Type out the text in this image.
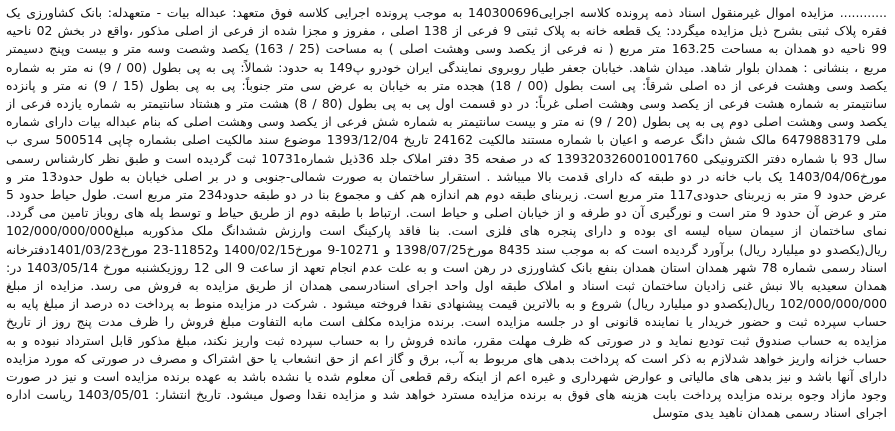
............ مزایده اموال غیرمنقول اسناد ذمه پرونده کلاسه اجرایی140300696 به موجب پرونده اجرایی کلاسه فوق متعهد: عبداله بیات - متعهدله: بانک کشاورزی یک فقره پلاک ثبتی بشرح ذیل مزایده میگردد: یک قطعه خانه به پلاک ثبتی 9 فرعی از 138 اصلی ، مفروز و مجزا شده از فرعی از اصلی مذکور ،واقع در بخش 02 ناحیه 99 ناحیه دو همدان به مساحت 163.25 متر مربع ( نه فرعی از یکصد وسی وهشت اصلی ) به مساحت (25 / 163) یکصد وشصت وسه متر و بیست وپنج دسیمتر مربع ، بنشانی : همدان بلوار شاهد. میدان شاهد. خیابان جعفر طیار روبروی نمایندگی ایران خودرو پ149 به حدود: شمالاً: پی به پی بطول (00 / 9) نه متر به شماره یکصد وسی وهشت فرعی از ده اصلی شرقاً: پی است بطول (00 / 18) هجده متر به خیابان به عرض سی متر جنوباً: پی به پی بطول (15 / 9) نه متر و پانزده سانتیمتر به شماره هشت فرعی از یکصد وسی وهشت اصلی غرباً: در دو قسمت اول پی به پی بطول (80 / 8) هشت متر و هشتاد سانتیمتر به شماره یازده فرعی از یکصد وسی وهشت اصلی دوم پی به پی بطول (20 / 9) نه متر و بیست سانتیمتر به شماره شش فرعی از یکصد وسی وهشت اصلی که بنام عبداله بیات دارای شماره ملی 6479883179 مالک شش دانگ عرصه و اعیان با شماره مستند مالکیت 24162 تاریخ 1393/12/04 موضوع سند مالکیت اصلی بشماره چاپی 500514 سری ب سال 93 با شماره دفتر الکترونیکی 139320326001001760 که در صفحه 35 دفتر املاک جلد 36ذیل شماره10731 ثبت گردیده است و طبق نظر کارشناس رسمی مورخ1403/04/06 یک باب خانه در دو طبقه که دارای قدمت بالا میباشد . استقرار ساختمان به صورت شمالی-جنوبی و در بر اصلی خیابان به طول حدود13 متر و عرض حدود 9 متر به زیربنای حدودی117 متر مربع است. زیربنای طبقه دوم هم اندازه هم کف و مجموع بنا در دو طبقه حدود234 متر مربع است. طول حیاط حدود 5 متر و عرض آن حدود 9 متر است و نورگیری آن دو طرفه و از خیابان اصلی و حیاط است. ارتباط با طبقه دوم از طریق حیاط و توسط پله های روباز تامین می گردد. نمای ساختمان از سیمان سیاه لیسه ای بوده و دارای پنجره های فلزی است. بنا فاقد پارکینگ است وارزش ششدانگ ملک مذکوربه مبلغ102/000/000/000 ریال(یکصدو دو میلیارد ریال) برآورد گردیده است که به موجب سند 8435 مورخ1398/07/25 و 10271-9 مورخ1400/02/15 و11852-23 مورخ1401/03/23دفترخانه اسناد رسمی شماره 78 شهر همدان استان همدان بنفع بانک کشاورزی در رهن است و به علت عدم انجام تعهد از ساعت 9 الی 12 روزیکشنبه مورخ 1403/05/14 در: همدان سعیدیه بالا نبش غنی زادیان ساختمان ثبت اسناد و املاک طبقه اول واحد اجرای اسنادرسمی همدان از طریق مزایده به فروش می رسد. مزایده از مبلغ 102/000/000/000 ریال(یکصدو دو میلیارد ریال) شروع و به بالاترین قیمت پیشنهادی نقدا فروخته میشود . شرکت در مزایده منوط به پرداخت ده درصد از مبلغ پایه به حساب سپرده ثبت و حضور خریدار یا نماینده قانونی او در جلسه مزایده است. برنده مزایده مکلف است مابه التفاوت مبلغ فروش را ظرف مدت پنج روز از تاریخ مزایده به حساب صندوق ثبت تودیع نماید و در صورتی که ظرف مهلت مقرر، مانده فروش را به حساب سپرده ثبت واریز نکند، مبلغ مذکور قابل استرداد نبوده و به حساب خزانه واریز خواهد شدلازم به ذکر است که پرداخت بدهی های مربوط به آب، برق و گاز اعم از حق انشعاب یا حق اشتراک و مصرف در صورتی که مورد مزایده دارای آنها باشد و نیز بدهی های مالیاتی و عوارض شهرداری و غیره اعم از اینکه رقم قطعی آن معلوم شده یا نشده باشد به عهده برنده مزایده است و نیز در صورت وجود مازاد وجوه برنده مزایده پرداخت بابت هزینه های فوق به برنده مزایده مسترد خواهد شد و مزایده نقدا وصول میشود. تاریخ انتشار: 1403/05/01 ریاست اداره اجرای اسناد رسمی همدان ناهید یدی متوسل
